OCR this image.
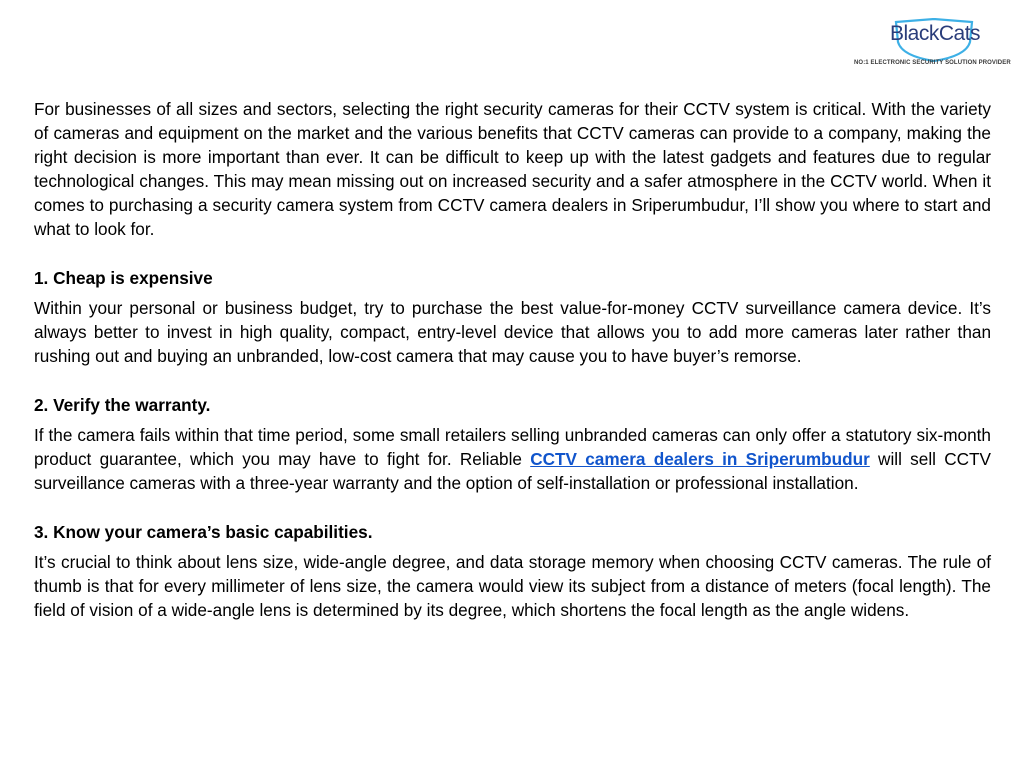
BlackCats
NO:1 ELECTRONIC SECURITY SOLUTION PROVIDER

For businesses of all sizes and sectors, selecting the right security cameras for their CCTV system is critical. With the variety of cameras and equipment on the market and the various benefits that CCTV cameras can provide to a company, making the right decision is more important than ever. It can be difficult to keep up with the latest gadgets and features due to regular technological changes. This may mean missing out on increased security and a safer atmosphere in the CCTV world. When it comes to purchasing a security camera system from CCTV camera dealers in Sriperumbudur, I’ll show you where to start and what to look for.

1. Cheap is expensive

Within your personal or business budget, try to purchase the best value-for-money CCTV surveillance camera device. It’s always better to invest in high quality, compact, entry-level device that allows you to add more cameras later rather than rushing out and buying an unbranded, low-cost camera that may cause you to have buyer’s remorse.

2. Verify the warranty.

If the camera fails within that time period, some small retailers selling unbranded cameras can only offer a statutory six-month product guarantee, which you may have to fight for. Reliable CCTV camera dealers in Sriperumbudur will sell CCTV surveillance cameras with a three-year warranty and the option of self-installation or professional installation.

3. Know your camera’s basic capabilities.

It’s crucial to think about lens size, wide-angle degree, and data storage memory when choosing CCTV cameras. The rule of thumb is that for every millimeter of lens size, the camera would view its subject from a distance of meters (focal length). The field of vision of a wide-angle lens is determined by its degree, which shortens the focal length as the angle widens.
